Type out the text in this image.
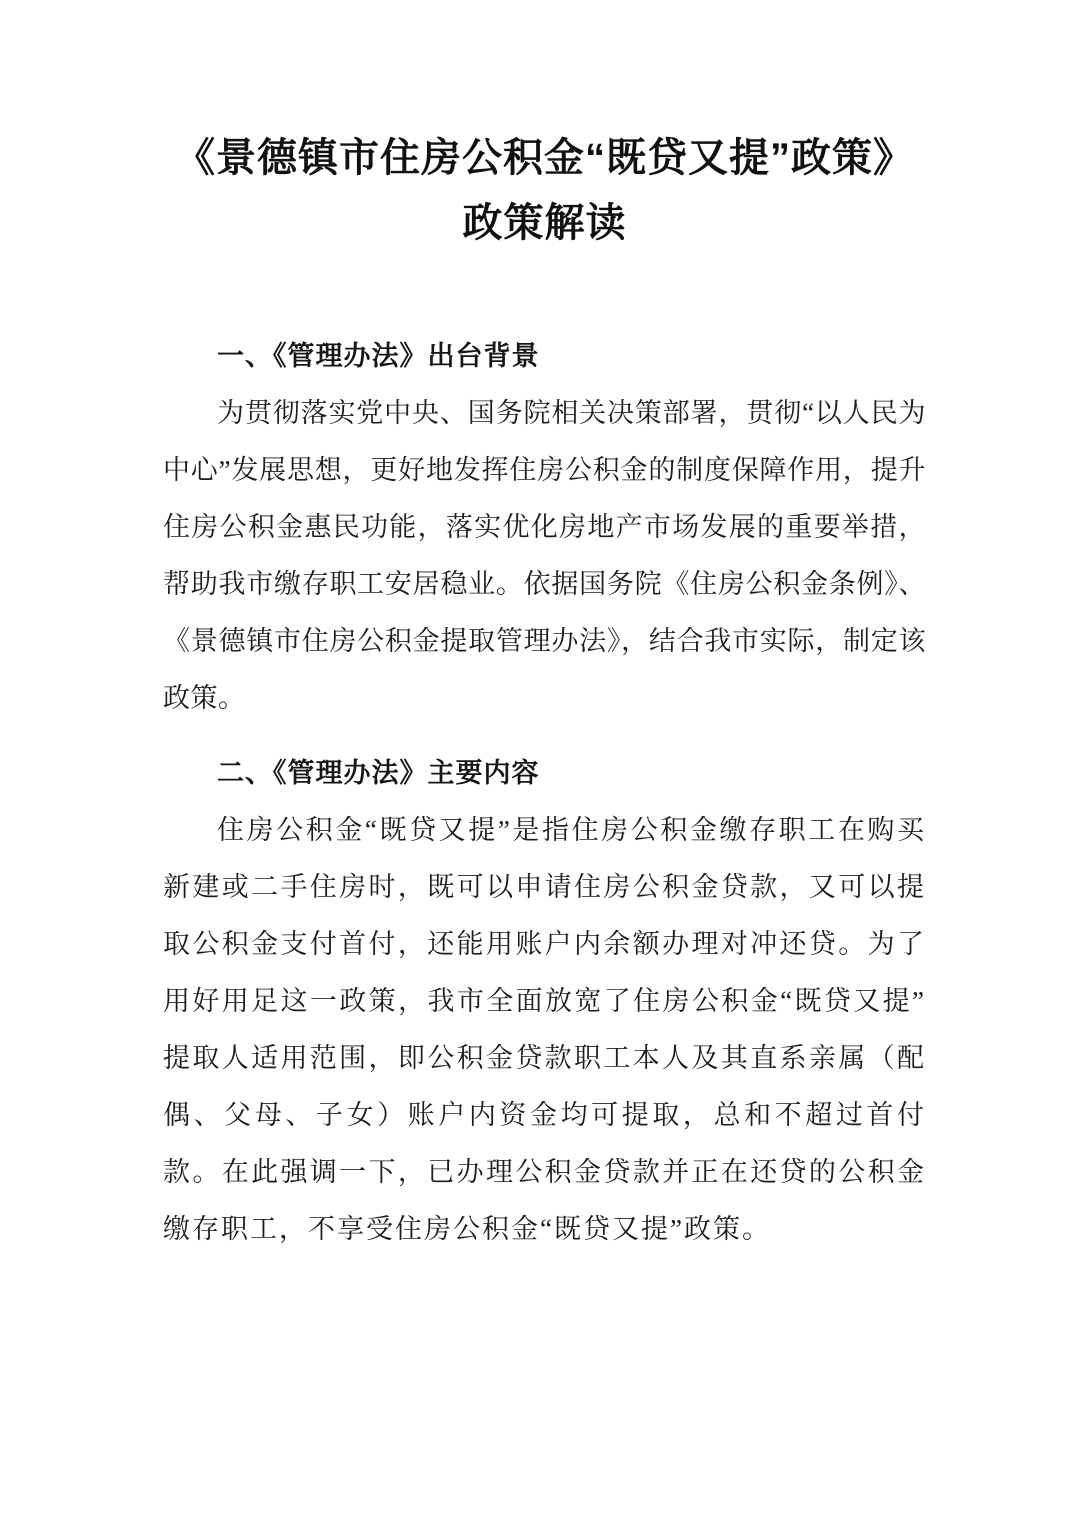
《景德镇市住房公积金“既贷又提”政策》
政策解读
一、《管理办法》出台背景

为贯彻落实党中央、国务院相关决策部署，贯彻“以人民为中心”发展思想，更好地发挥住房公积金的制度保障作用，提升住房公积金惠民功能，落实优化房地产市场发展的重要举措，帮助我市缴存职工安居稳业。依据国务院《住房公积金条例》、《景德镇市住房公积金提取管理办法》，结合我市实际，制定该政策。

二、《管理办法》主要内容

住房公积金“既贷又提”是指住房公积金缴存职工在购买新建或二手住房时，既可以申请住房公积金贷款，又可以提取公积金支付首付，还能用账户内余额办理对冲还贷。为了用好用足这一政策，我市全面放宽了住房公积金“既贷又提”提取人适用范围，即公积金贷款职工本人及其直系亲属（配偶、父母、子女）账户内资金均可提取，总和不超过首付款。在此强调一下，已办理公积金贷款并正在还贷的公积金缴存职工，不享受住房公积金“既贷又提”政策。
